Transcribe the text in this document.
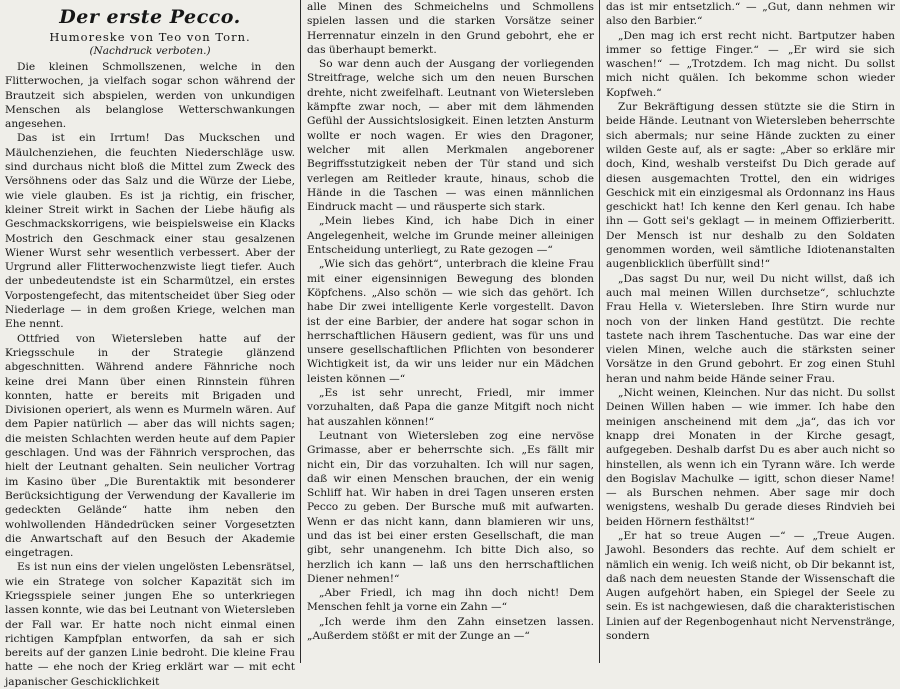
Der erste Pecco.
Humoreske von Teo von Torn.
(Nachdruck verboten.)

Die kleinen Schmollszenen, welche in den Flitterwochen, ja vielfach sogar schon während der Brautzeit sich abspielen, werden von unkundigen Menschen als belanglose Wetterschwankungen angesehen.

Das ist ein Irrtum! Das Muckschen und Mäulchenziehen, die feuchten Niederschläge usw. sind durchaus nicht bloß die Mittel zum Zweck des Versöhnens oder das Salz und die Würze der Liebe, wie viele glauben. Es ist ja richtig, ein frischer, kleiner Streit wirkt in Sachen der Liebe häufig als Geschmackskorrigens, wie beispielsweise ein Klacks Mostrich den Geschmack einer stau gesalzenen Wiener Wurst sehr wesentlich verbessert. Aber der Urgrund aller Flitterwochenzwiste liegt tiefer. Auch der unbedeutendste ist ein Scharmützel, ein erstes Vorpostengefecht, das mitentscheidet über Sieg oder Niederlage — in dem großen Kriege, welchen man Ehe nennt.

Ottfried von Wietersleben hatte auf der Kriegsschule in der Strategie glänzend abgeschnitten. Während andere Fähnriche noch keine drei Mann über einen Rinnstein führen konnten, hatte er bereits mit Brigaden und Divisionen operiert, als wenn es Murmeln wären. Auf dem Papier natürlich — aber das will nichts sagen; die meisten Schlachten werden heute auf dem Papier geschlagen. Und was der Fähnrich versprochen, das hielt der Leutnant gehalten. Sein neulicher Vortrag im Kasino über „Die Burentaktik mit besonderer Berücksichtigung der Verwendung der Kavallerie im gedeckten Gelände“ hatte ihm neben den wohlwollenden Händedrücken seiner Vorgesetzten die Anwartschaft auf den Besuch der Akademie eingetragen.

Es ist nun eins der vielen ungelösten Lebensrätsel, wie ein Stratege von solcher Kapazität sich im Kriegsspiele seiner jungen Ehe so unterkriegen lassen konnte, wie das bei Leutnant von Wietersleben der Fall war. Er hatte noch nicht einmal einen richtigen Kampfplan entworfen, da sah er sich bereits auf der ganzen Linie bedroht. Die kleine Frau hatte — ehe noch der Krieg erklärt war — mit echt japanischer Geschicklichkeit

alle Minen des Schmeichelns und Schmollens spielen lassen und die starken Vorsätze seiner Herrennatur einzeln in den Grund gebohrt, ehe er das überhaupt bemerkt.

So war denn auch der Ausgang der vorliegenden Streitfrage, welche sich um den neuen Burschen drehte, nicht zweifelhaft. Leutnant von Wietersleben kämpfte zwar noch, — aber mit dem lähmenden Gefühl der Aussichtslosigkeit. Einen letzten Ansturm wollte er noch wagen. Er wies den Dragoner, welcher mit allen Merkmalen angeborener Begriffsstutzigkeit neben der Tür stand und sich verlegen am Reitleder kraute, hinaus, schob die Hände in die Taschen — was einen männlichen Eindruck macht — und räusperte sich stark.

„Mein liebes Kind, ich habe Dich in einer Angelegenheit, welche im Grunde meiner alleinigen Entscheidung unterliegt, zu Rate gezogen —“

„Wie sich das gehört“, unterbrach die kleine Frau mit einer eigensinnigen Bewegung des blonden Köpfchens. „Also schön — wie sich das gehört. Ich habe Dir zwei intelligente Kerle vorgestellt. Davon ist der eine Barbier, der andere hat sogar schon in herrschaftlichen Häusern gedient, was für uns und unsere gesellschaftlichen Pflichten von besonderer Wichtigkeit ist, da wir uns leider nur ein Mädchen leisten können —“

„Es ist sehr unrecht, Friedl, mir immer vorzuhalten, daß Papa die ganze Mitgift noch nicht hat auszahlen können!“

Leutnant von Wietersleben zog eine nervöse Grimasse, aber er beherrschte sich. „Es fällt mir nicht ein, Dir das vorzuhalten. Ich will nur sagen, daß wir einen Menschen brauchen, der ein wenig Schliff hat. Wir haben in drei Tagen unseren ersten Pecco zu geben. Der Bursche muß mit aufwarten. Wenn er das nicht kann, dann blamieren wir uns, und das ist bei einer ersten Gesellschaft, die man gibt, sehr unangenehm. Ich bitte Dich also, so herzlich ich kann — laß uns den herrschaftlichen Diener nehmen!“

„Aber Friedl, ich mag ihn doch nicht! Dem Menschen fehlt ja vorne ein Zahn —“

„Ich werde ihm den Zahn einsetzen lassen. „Außerdem stößt er mit der Zunge an —“

das ist mir entsetzlich.“ — „Gut, dann nehmen wir also den Barbier.“

„Den mag ich erst recht nicht. Bartputzer haben immer so fettige Finger.“ — „Er wird sie sich waschen!“ — „Trotzdem. Ich mag nicht. Du sollst mich nicht quälen. Ich bekomme schon wieder Kopfweh.“

Zur Bekräftigung dessen stützte sie die Stirn in beide Hände. Leutnant von Wietersleben beherrschte sich abermals; nur seine Hände zuckten zu einer wilden Geste auf, als er sagte: „Aber so erkläre mir doch, Kind, weshalb versteifst Du Dich gerade auf diesen ausgemachten Trottel, den ein widriges Geschick mit ein einzigesmal als Ordonnanz ins Haus geschickt hat! Ich kenne den Kerl genau. Ich habe ihn — Gott sei's geklagt — in meinem Offizierberitt. Der Mensch ist nur deshalb zu den Soldaten genommen worden, weil sämtliche Idiotenanstalten augenblicklich überfüllt sind!“

„Das sagst Du nur, weil Du nicht willst, daß ich auch mal meinen Willen durchsetze“, schluchzte Frau Hella v. Wietersleben. Ihre Stirn wurde nur noch von der linken Hand gestützt. Die rechte tastete nach ihrem Taschentuche. Das war eine der vielen Minen, welche auch die stärksten seiner Vorsätze in den Grund gebohrt. Er zog einen Stuhl heran und nahm beide Hände seiner Frau.

„Nicht weinen, Kleinchen. Nur das nicht. Du sollst Deinen Willen haben — wie immer. Ich habe den meinigen anscheinend mit dem „ja“, das ich vor knapp drei Monaten in der Kirche gesagt, aufgegeben. Deshalb darfst Du es aber auch nicht so hinstellen, als wenn ich ein Tyrann wäre. Ich werde den Bogislav Machulke — igitt, schon dieser Name! — als Burschen nehmen. Aber sage mir doch wenigstens, weshalb Du gerade dieses Rindvieh bei beiden Hörnern festhältst!“

„Er hat so treue Augen —“ — „Treue Augen. Jawohl. Besonders das rechte. Auf dem schielt er nämlich ein wenig. Ich weiß nicht, ob Dir bekannt ist, daß nach dem neuesten Stande der Wissenschaft die Augen aufgehört haben, ein Spiegel der Seele zu sein. Es ist nachgewiesen, daß die charakteristischen Linien auf der Regenbogenhaut nicht Nervenstränge, sondern
